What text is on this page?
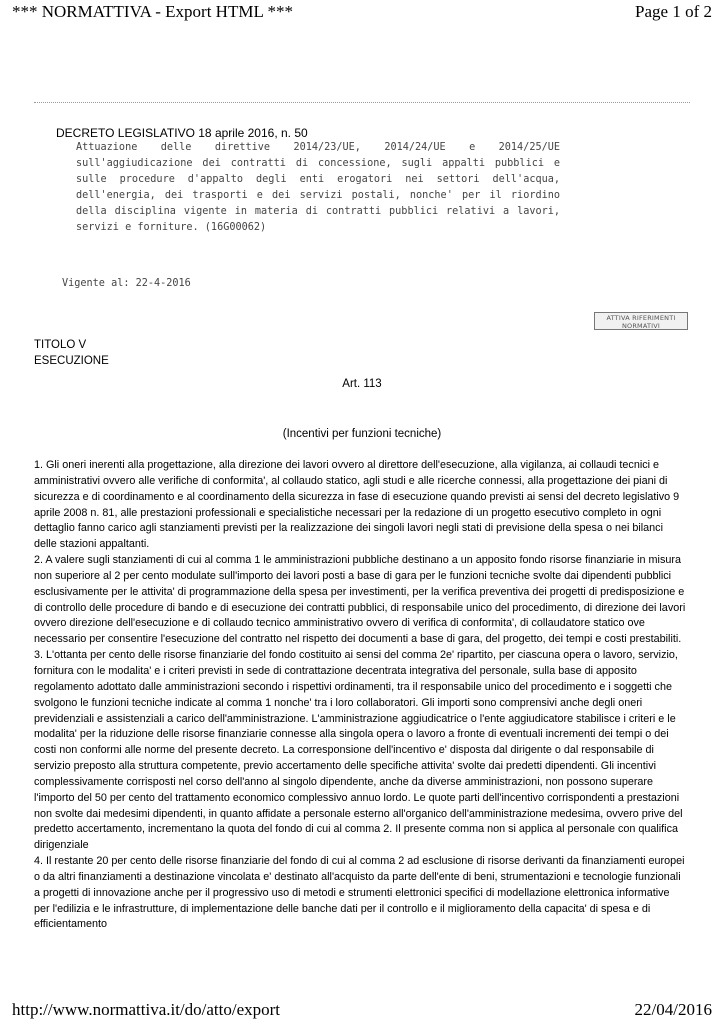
*** NORMATTIVA - Export HTML ***	Page 1 of 2
DECRETO LEGISLATIVO 18 aprile 2016, n. 50

Attuazione delle direttive 2014/23/UE, 2014/24/UE e 2014/25/UE sull'aggiudicazione dei contratti di concessione, sugli appalti pubblici e sulle procedure d'appalto degli enti erogatori nei settori dell'acqua, dell'energia, dei trasporti e dei servizi postali, nonche' per il riordino della disciplina vigente in materia di contratti pubblici relativi a lavori, servizi e forniture. (16G00062)

Vigente al: 22-4-2016
ATTIVA RIFERIMENTI
NORMATIVI
TITOLO V
ESECUZIONE
Art. 113
(Incentivi per funzioni tecniche)

1. Gli oneri inerenti alla progettazione, alla direzione dei lavori ovvero al direttore dell'esecuzione, alla vigilanza, ai collaudi tecnici e amministrativi ovvero alle verifiche di conformita', al collaudo statico, agli studi e alle ricerche connessi, alla progettazione dei piani di sicurezza e di coordinamento e al coordinamento della sicurezza in fase di esecuzione quando previsti ai sensi del decreto legislativo 9 aprile 2008 n. 81, alle prestazioni professionali e specialistiche necessari per la redazione di un progetto esecutivo completo in ogni dettaglio fanno carico agli stanziamenti previsti per la realizzazione dei singoli lavori negli stati di previsione della spesa o nei bilanci delle stazioni appaltanti.

2. A valere sugli stanziamenti di cui al comma 1 le amministrazioni pubbliche destinano a un apposito fondo risorse finanziarie in misura non superiore al 2 per cento modulate sull'importo dei lavori posti a base di gara per le funzioni tecniche svolte dai dipendenti pubblici esclusivamente per le attivita' di programmazione della spesa per investimenti, per la verifica preventiva dei progetti di predisposizione e di controllo delle procedure di bando e di esecuzione dei contratti pubblici, di responsabile unico del procedimento, di direzione dei lavori ovvero direzione dell'esecuzione e di collaudo tecnico amministrativo ovvero di verifica di conformita', di collaudatore statico ove necessario per consentire l'esecuzione del contratto nel rispetto dei documenti a base di gara, del progetto, dei tempi e costi prestabiliti.

3. L'ottanta per cento delle risorse finanziarie del fondo costituito ai sensi del comma 2e' ripartito, per ciascuna opera o lavoro, servizio, fornitura con le modalita' e i criteri previsti in sede di contrattazione decentrata integrativa del personale, sulla base di apposito regolamento adottato dalle amministrazioni secondo i rispettivi ordinamenti, tra il responsabile unico del procedimento e i soggetti che svolgono le funzioni tecniche indicate al comma 1 nonche' tra i loro collaboratori. Gli importi sono comprensivi anche degli oneri previdenziali e assistenziali a carico dell'amministrazione. L'amministrazione aggiudicatrice o l'ente aggiudicatore stabilisce i criteri e le modalita' per la riduzione delle risorse finanziarie connesse alla singola opera o lavoro a fronte di eventuali incrementi dei tempi o dei costi non conformi alle norme del presente decreto. La corresponsione dell'incentivo e' disposta dal dirigente o dal responsabile di servizio preposto alla struttura competente, previo accertamento delle specifiche attivita' svolte dai predetti dipendenti. Gli incentivi complessivamente corrisposti nel corso dell'anno al singolo dipendente, anche da diverse amministrazioni, non possono superare l'importo del 50 per cento del trattamento economico complessivo annuo lordo. Le quote parti dell'incentivo corrispondenti a prestazioni non svolte dai medesimi dipendenti, in quanto affidate a personale esterno all'organico dell'amministrazione medesima, ovvero prive del predetto accertamento, incrementano la quota del fondo di cui al comma 2. Il presente comma non si applica al personale con qualifica dirigenziale

4. Il restante 20 per cento delle risorse finanziarie del fondo di cui al comma 2 ad esclusione di risorse derivanti da finanziamenti europei o da altri finanziamenti a destinazione vincolata e' destinato all'acquisto da parte dell'ente di beni, strumentazioni e tecnologie funzionali a progetti di innovazione anche per il progressivo uso di metodi e strumenti elettronici specifici di modellazione elettronica informative per l'edilizia e le infrastrutture, di implementazione delle banche dati per il controllo e il miglioramento della capacita' di spesa e di efficientamento

http://www.normattiva.it/do/atto/export	22/04/2016
